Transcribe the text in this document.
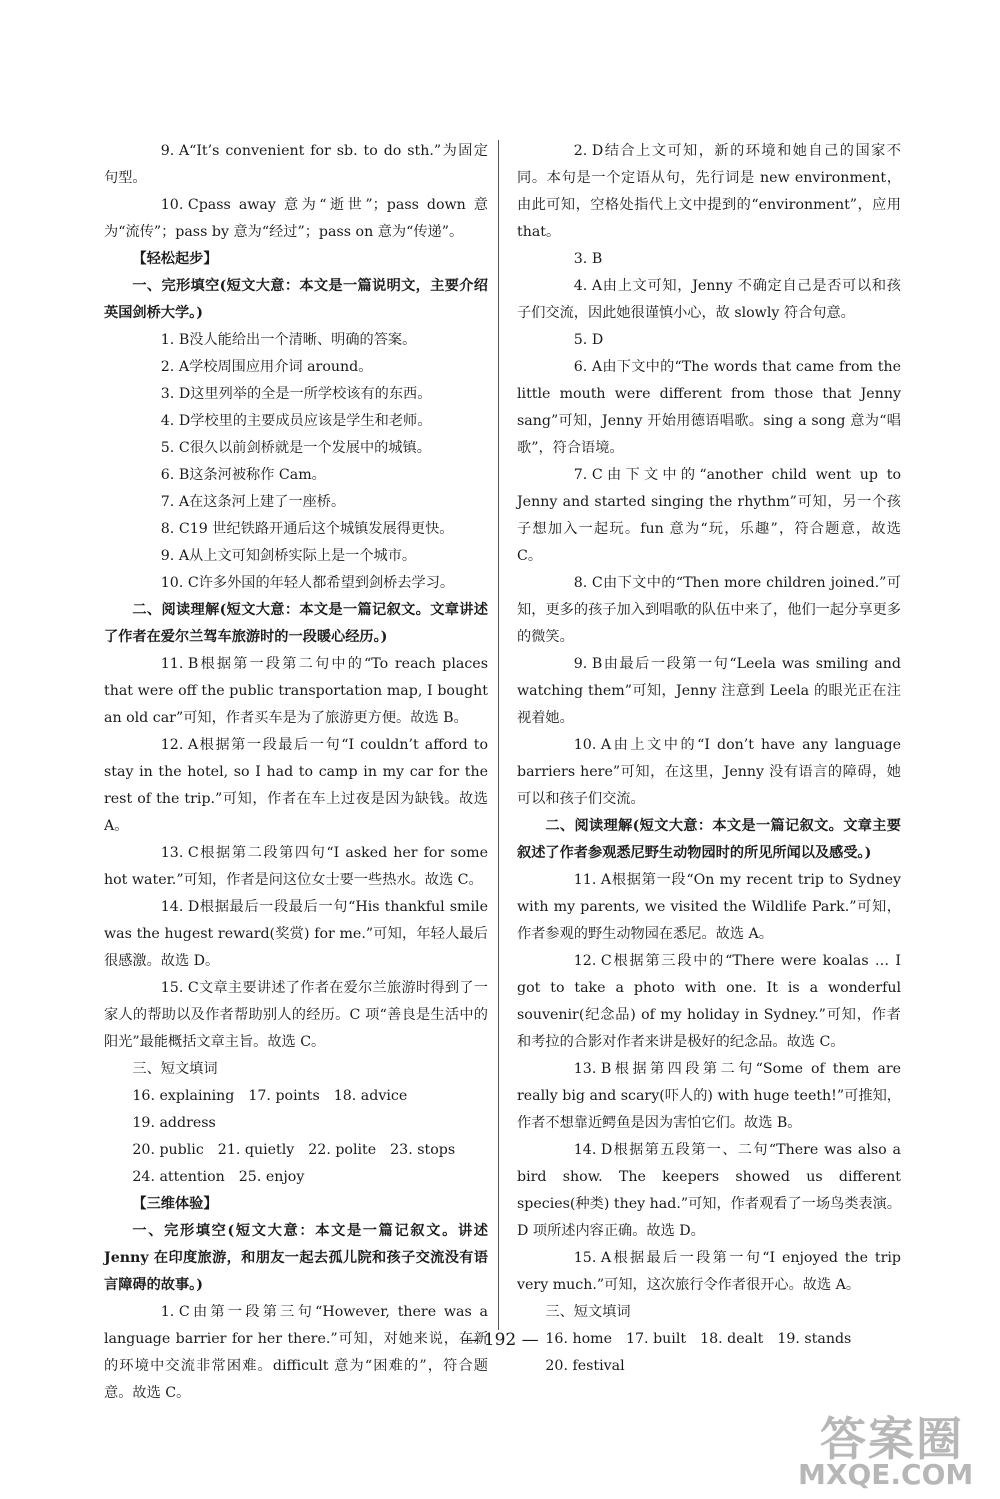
9. A“It’s convenient for sb. to do sth.”为固定句型。
10. Cpass away 意为“逝世”；pass down 意为“流传”；pass by 意为“经过”；pass on 意为“传递”。
【轻松起步】
一、完形填空(短文大意：本文是一篇说明文，主要介绍英国剑桥大学。)
1. B没人能给出一个清晰、明确的答案。
2. A学校周围应用介词 around。
3. D这里列举的全是一所学校该有的东西。
4. D学校里的主要成员应该是学生和老师。
5. C很久以前剑桥就是一个发展中的城镇。
6. B这条河被称作 Cam。
7. A在这条河上建了一座桥。
8. C19 世纪铁路开通后这个城镇发展得更快。
9. A从上文可知剑桥实际上是一个城市。
10. C许多外国的年轻人都希望到剑桥去学习。
二、阅读理解(短文大意：本文是一篇记叙文。文章讲述了作者在爱尔兰驾车旅游时的一段暖心经历。)
11. B根据第一段第二句中的“To reach places that were off the public transportation map, I bought an old car”可知，作者买车是为了旅游更方便。故选 B。
12. A根据第一段最后一句“I couldn’t afford to stay in the hotel, so I had to camp in my car for the rest of the trip.”可知，作者在车上过夜是因为缺钱。故选 A。
13. C根据第二段第四句“I asked her for some hot water.”可知，作者是问这位女士要一些热水。故选 C。
14. D根据最后一段最后一句“His thankful smile was the hugest reward(奖赏) for me.”可知，年轻人最后很感激。故选 D。
15. C文章主要讲述了作者在爱尔兰旅游时得到了一家人的帮助以及作者帮助别人的经历。C 项“善良是生活中的阳光”最能概括文章主旨。故选 C。
三、短文填词
16. explaining 17. points 18. advice19. address
20. public 21. quietly 22. polite 23. stops
24. attention 25. enjoy
【三维体验】
一、完形填空(短文大意：本文是一篇记叙文。讲述 Jenny 在印度旅游，和朋友一起去孤儿院和孩子交流没有语言障碍的故事。)
1. C由第一段第三句“However, there was a language barrier for her there.”可知，对她来说，在新的环境中交流非常困难。difficult 意为“困难的”，符合题意。故选 C。
2. D结合上文可知，新的环境和她自己的国家不同。本句是一个定语从句，先行词是 new environment，由此可知，空格处指代上文中提到的“environment”，应用 that。
3. B
4. A由上文可知，Jenny 不确定自己是否可以和孩子们交流，因此她很谨慎小心，故 slowly 符合句意。
5. D
6. A由下文中的“The words that came from the little mouth were different from those that Jenny sang”可知，Jenny 开始用德语唱歌。sing a song 意为“唱歌”，符合语境。
7. C由下文中的“another child went up to Jenny and started singing the rhythm”可知，另一个孩子想加入一起玩。fun 意为“玩，乐趣”，符合题意，故选 C。
8. C由下文中的“Then more children joined.”可知，更多的孩子加入到唱歌的队伍中来了，他们一起分享更多的微笑。
9. B由最后一段第一句“Leela was smiling and watching them”可知，Jenny 注意到 Leela 的眼光正在注视着她。
10. A由上文中的“I don’t have any language barriers here”可知，在这里，Jenny 没有语言的障碍，她可以和孩子们交流。
二、阅读理解(短文大意：本文是一篇记叙文。文章主要叙述了作者参观悉尼野生动物园时的所见所闻以及感受。)
11. A根据第一段“On my recent trip to Sydney with my parents, we visited the Wildlife Park.”可知，作者参观的野生动物园在悉尼。故选 A。
12. C根据第三段中的“There were koalas … I got to take a photo with one. It is a wonderful souvenir(纪念品) of my holiday in Sydney.”可知，作者和考拉的合影对作者来讲是极好的纪念品。故选 C。
13. B根据第四段第二句“Some of them are really big and scary(吓人的) with huge teeth!”可推知，作者不想靠近鳄鱼是因为害怕它们。故选 B。
14. D根据第五段第一、二句“There was also a bird show. The keepers showed us different species(种类) they had.”可知，作者观看了一场鸟类表演。D 项所述内容正确。故选 D。
15. A根据最后一段第一句“I enjoyed the trip very much.”可知，这次旅行令作者很开心。故选 A。
三、短文填词
16. home 17. built 18. dealt 19. stands20. festival
— 192 —
答案圈
MXQE.COM
